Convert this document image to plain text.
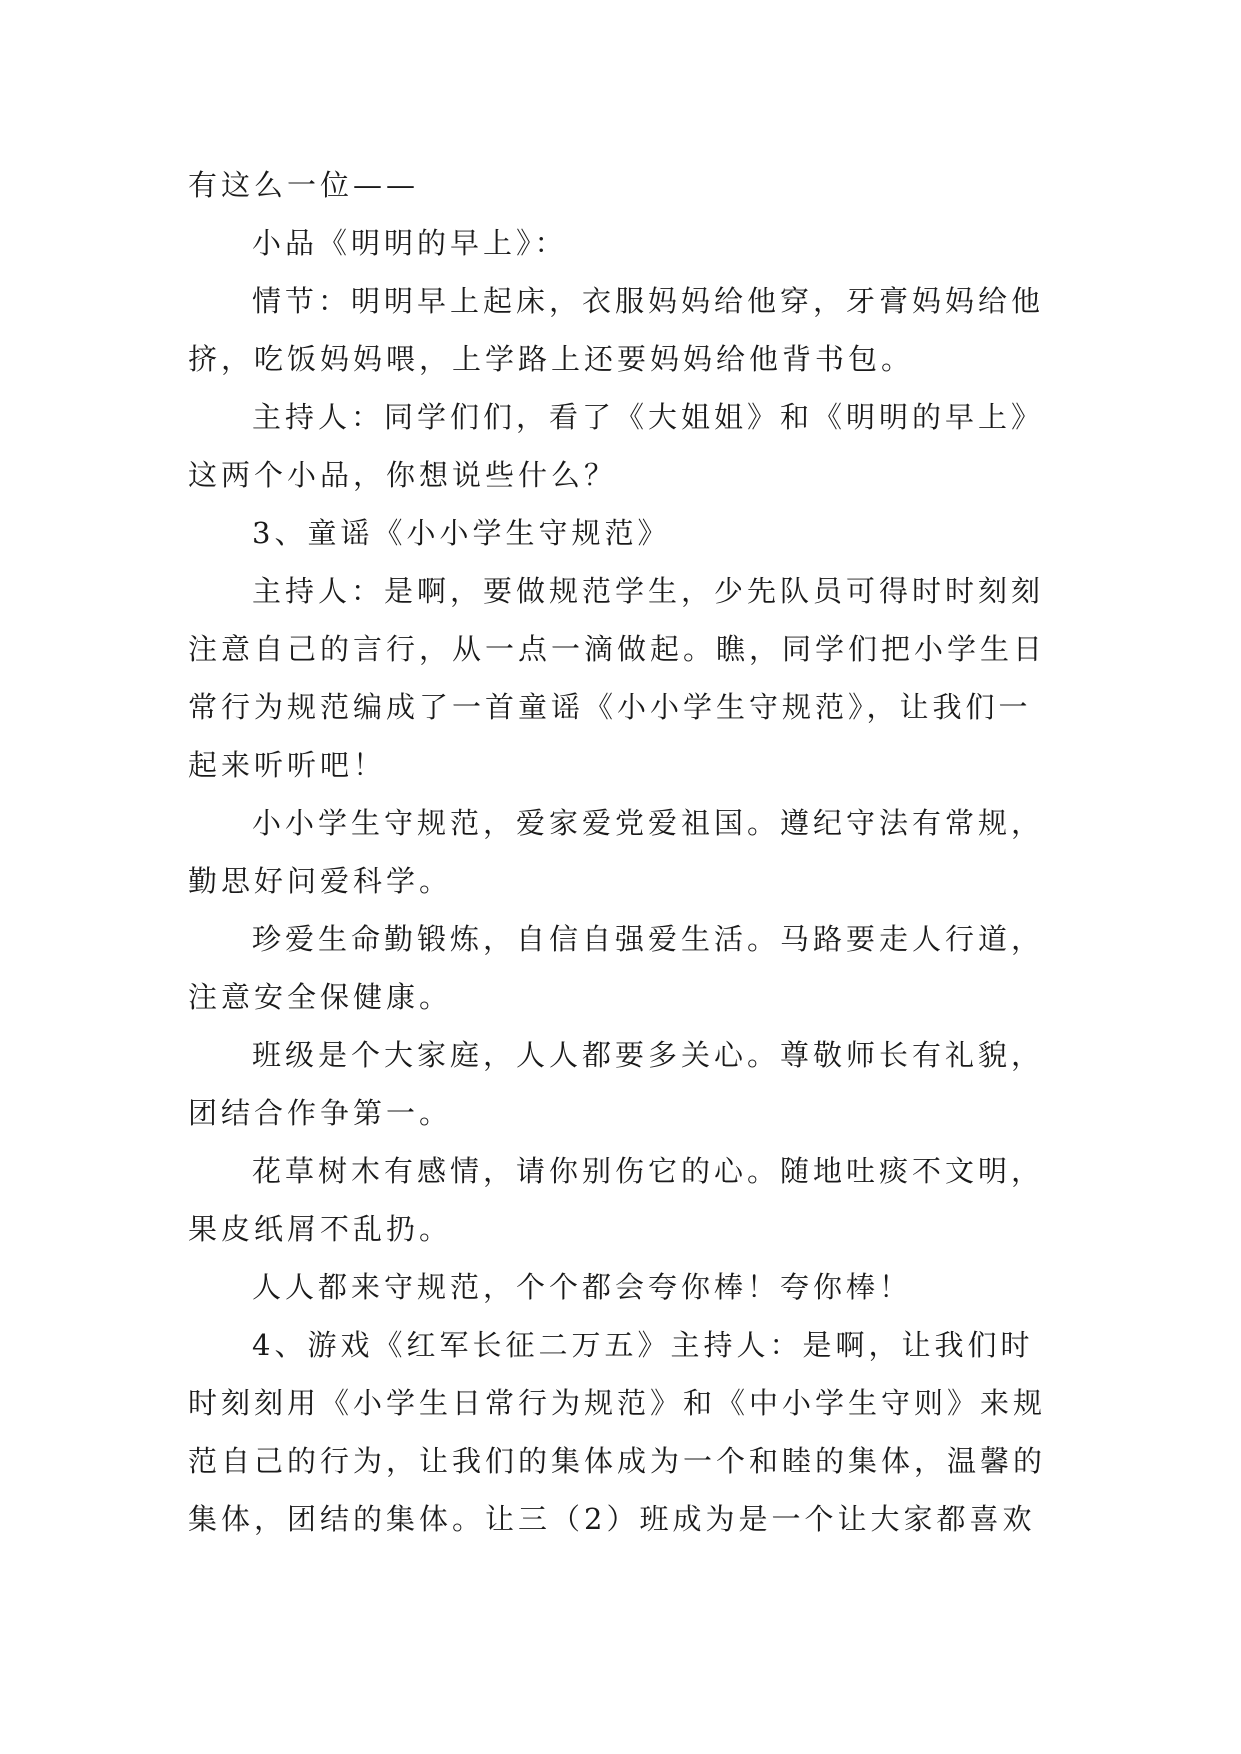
有这么一位——

小品《明明的早上》：

情节：明明早上起床，衣服妈妈给他穿，牙膏妈妈给他

挤，吃饭妈妈喂，上学路上还要妈妈给他背书包。

主持人：同学们们，看了《大姐姐》和《明明的早上》

这两个小品，你想说些什么？

3、童谣《小小学生守规范》

主持人：是啊，要做规范学生，少先队员可得时时刻刻

注意自己的言行，从一点一滴做起。瞧，同学们把小学生日

常行为规范编成了一首童谣《小小学生守规范》，让我们一

起来听听吧！

小小学生守规范，爱家爱党爱祖国。遵纪守法有常规，

勤思好问爱科学。

珍爱生命勤锻炼，自信自强爱生活。马路要走人行道，

注意安全保健康。

班级是个大家庭，人人都要多关心。尊敬师长有礼貌，

团结合作争第一。

花草树木有感情，请你别伤它的心。随地吐痰不文明，

果皮纸屑不乱扔。

人人都来守规范，个个都会夸你棒！夸你棒！

4、游戏《红军长征二万五》主持人：是啊，让我们时

时刻刻用《小学生日常行为规范》和《中小学生守则》来规

范自己的行为，让我们的集体成为一个和睦的集体，温馨的

集体，团结的集体。让三（2）班成为是一个让大家都喜欢
